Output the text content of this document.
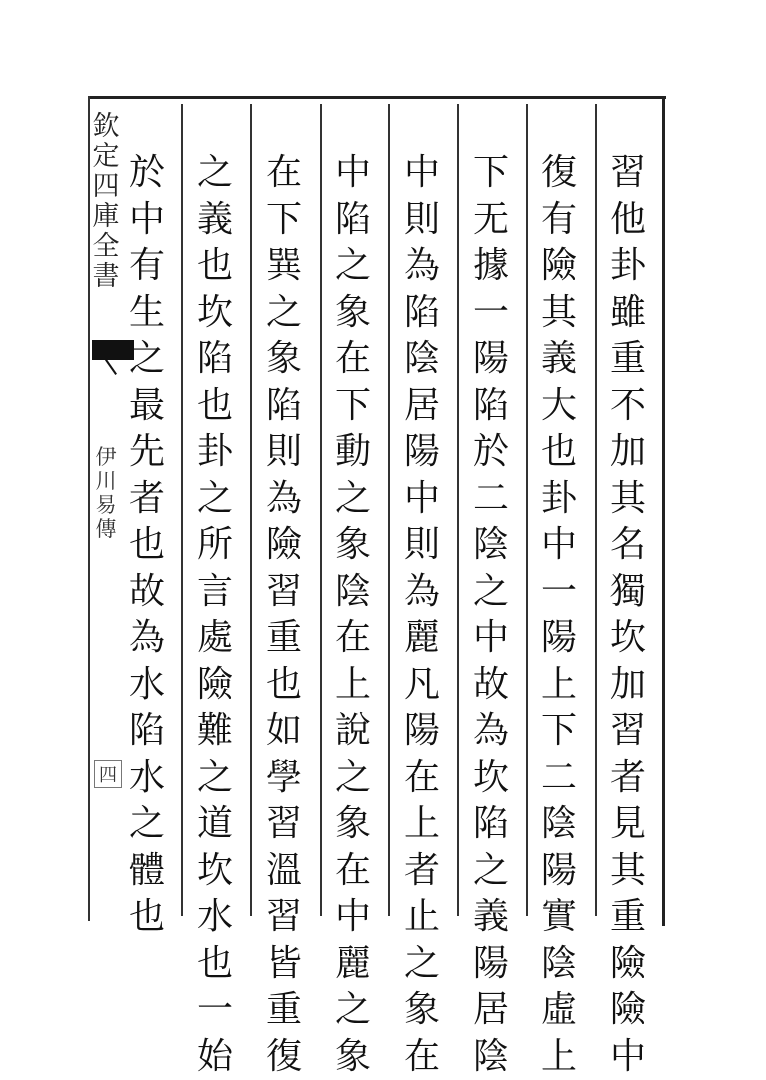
欽
定
四
庫
全
書
伊
川
易
傳
四
習
他
卦
雖
重
不
加
其
名
獨
坎
加
習
者
見
其
重
險
險
中
復
有
險
其
義
大
也
卦
中
一
陽
上
下
二
陰
陽
實
陰
虛
上
下
无
據
一
陽
陷
於
二
陰
之
中
故
為
坎
陷
之
義
陽
居
陰
中
則
為
陷
陰
居
陽
中
則
為
麗
凡
陽
在
上
者
止
之
象
在
中
陷
之
象
在
下
動
之
象
陰
在
上
說
之
象
在
中
麗
之
象
在
下
巽
之
象
陷
則
為
險
習
重
也
如
學
習
溫
習
皆
重
復
之
義
也
坎
陷
也
卦
之
所
言
處
險
難
之
道
坎
水
也
一
始
於
中
有
生
之
最
先
者
也
故
為
水
陷
水
之
體
也
